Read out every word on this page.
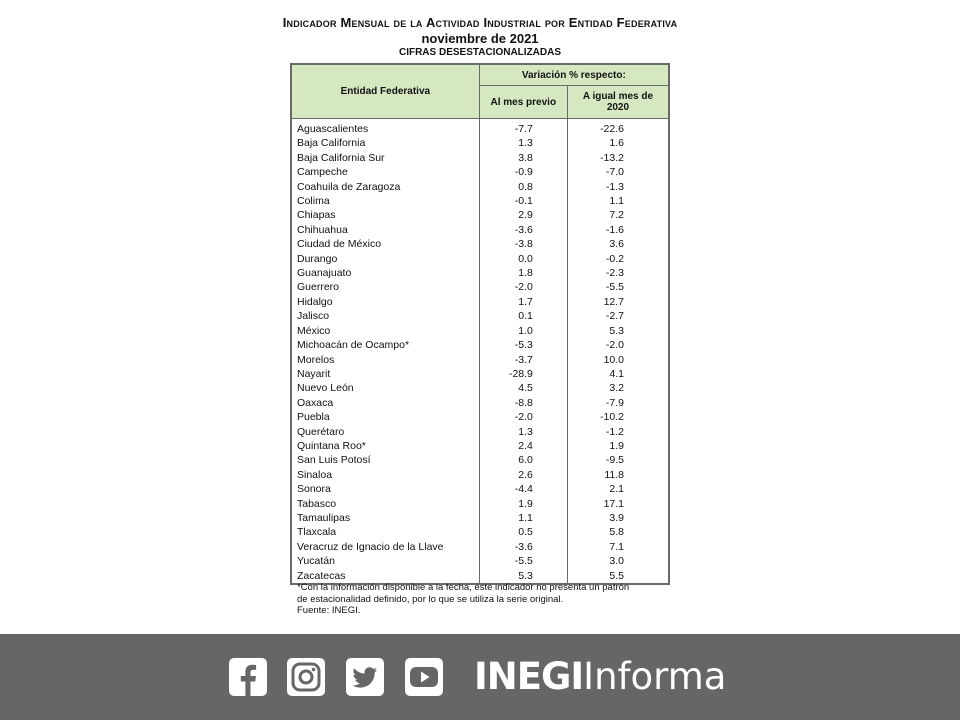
Indicador Mensual de la Actividad Industrial por Entidad Federativa
noviembre de 2021
CIFRAS DESESTACIONALIZADAS
Entidad Federativa	Variación % respecto:	
	Al mes previo	A igual mes de 2020
Aguascalientes	-7.7	-22.6
Baja California	1.3	1.6
Baja California Sur	3.8	-13.2
Campeche	-0.9	-7.0
Coahuila de Zaragoza	0.8	-1.3
Colima	-0.1	1.1
Chiapas	2.9	7.2
Chihuahua	-3.6	-1.6
Ciudad de México	-3.8	3.6
Durango	0.0	-0.2
Guanajuato	1.8	-2.3
Guerrero	-2.0	-5.5
Hidalgo	1.7	12.7
Jalisco	0.1	-2.7
México	1.0	5.3
Michoacán de Ocampo*	-5.3	-2.0
Morelos	-3.7	10.0
Nayarit	-28.9	4.1
Nuevo León	4.5	3.2
Oaxaca	-8.8	-7.9
Puebla	-2.0	-10.2
Querétaro	1.3	-1.2
Quintana Roo*	2.4	1.9
San Luis Potosí	6.0	-9.5
Sinaloa	2.6	11.8
Sonora	-4.4	2.1
Tabasco	1.9	17.1
Tamaulipas	1.1	3.9
Tlaxcala	0.5	5.8
Veracruz de Ignacio de la Llave	-3.6	7.1
Yucatán	-5.5	3.0
Zacatecas	5.3	5.5
*Con la información disponible a la fecha, este indicador no presenta un patrón
de estacionalidad definido, por lo que se utiliza la serie original.
Fuente: INEGI.
INEGIInforma
